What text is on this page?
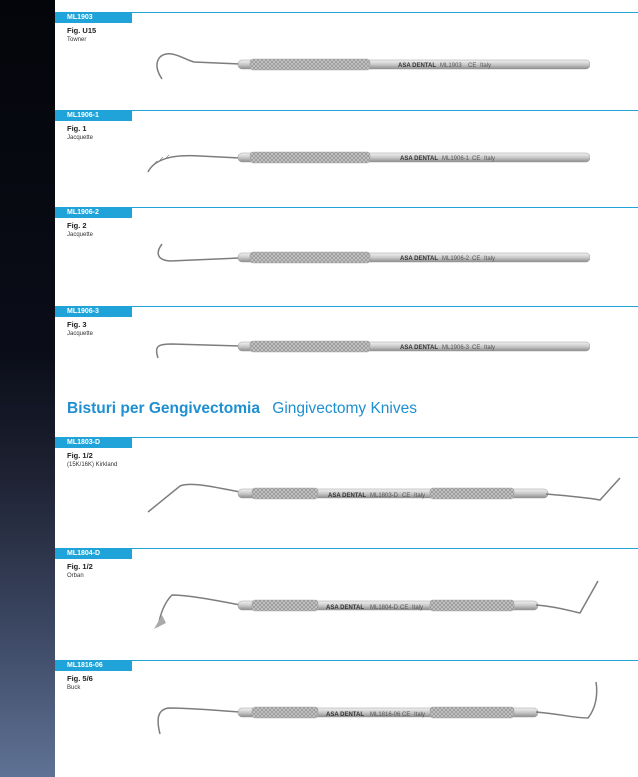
ML1903
Fig. U15
Towner
ASA DENTAL ML1903 CE Italy
ML1906-1
Fig. 1
Jacquette
ASA DENTAL ML1906-1 CE Italy
ML1906-2
Fig. 2
Jacquette
ASA DENTAL ML1906-2 CE Italy
ML1906-3
Fig. 3
Jacquette
ASA DENTAL ML1906-3 CE Italy
Bisturi per Gengivectomia Gingivectomy Knives
ML1803-D
Fig. 1/2
(15K/16K) Kirkland
ASA DENTAL ML1803-D CE Italy
ML1804-D
Fig. 1/2
Orban
ASA DENTAL ML1804-D CE Italy
ML1816-06
Fig. 5/6
Buck
ASA DENTAL ML1816-06 CE Italy
